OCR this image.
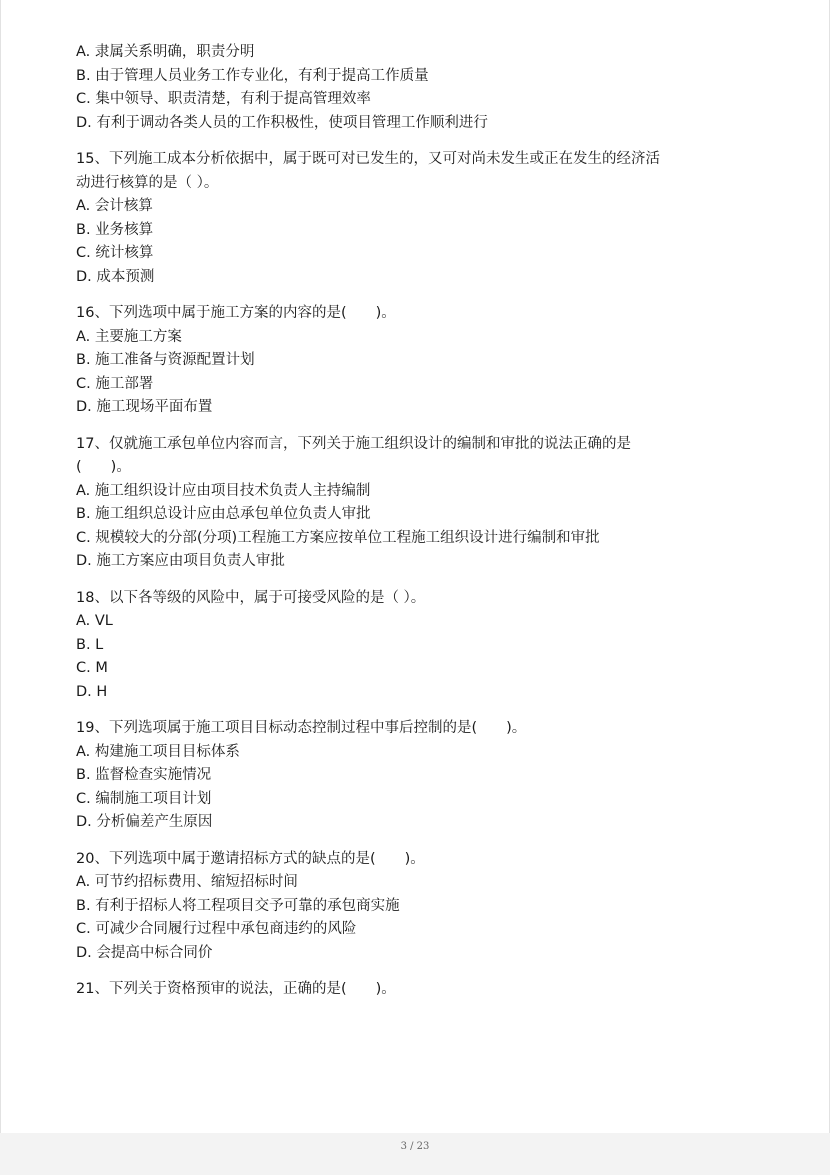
A. 隶属关系明确，职责分明
B. 由于管理人员业务工作专业化，有利于提高工作质量
C. 集中领导、职责清楚，有利于提高管理效率
D. 有利于调动各类人员的工作积极性，使项目管理工作顺利进行
15、下列施工成本分析依据中，属于既可对已发生的，又可对尚未发生或正在发生的经济活
动进行核算的是（ ）。
A. 会计核算
B. 业务核算
C. 统计核算
D. 成本预测
16、下列选项中属于施工方案的内容的是(　　)。
A. 主要施工方案
B. 施工准备与资源配置计划
C. 施工部署
D. 施工现场平面布置
17、仅就施工承包单位内容而言，下列关于施工组织设计的编制和审批的说法正确的是
(　　)。
A. 施工组织设计应由项目技术负责人主持编制
B. 施工组织总设计应由总承包单位负责人审批
C. 规模较大的分部(分项)工程施工方案应按单位工程施工组织设计进行编制和审批
D. 施工方案应由项目负责人审批
18、以下各等级的风险中，属于可接受风险的是（ ）。
A. VL
B. L
C. M
D. H
19、下列选项属于施工项目目标动态控制过程中事后控制的是(　　)。
A. 构建施工项目目标体系
B. 监督检查实施情况
C. 编制施工项目计划
D. 分析偏差产生原因
20、下列选项中属于邀请招标方式的缺点的是(　　)。
A. 可节约招标费用、缩短招标时间
B. 有利于招标人将工程项目交予可靠的承包商实施
C. 可减少合同履行过程中承包商违约的风险
D. 会提高中标合同价
21、下列关于资格预审的说法，正确的是(　　)。
3 / 23
